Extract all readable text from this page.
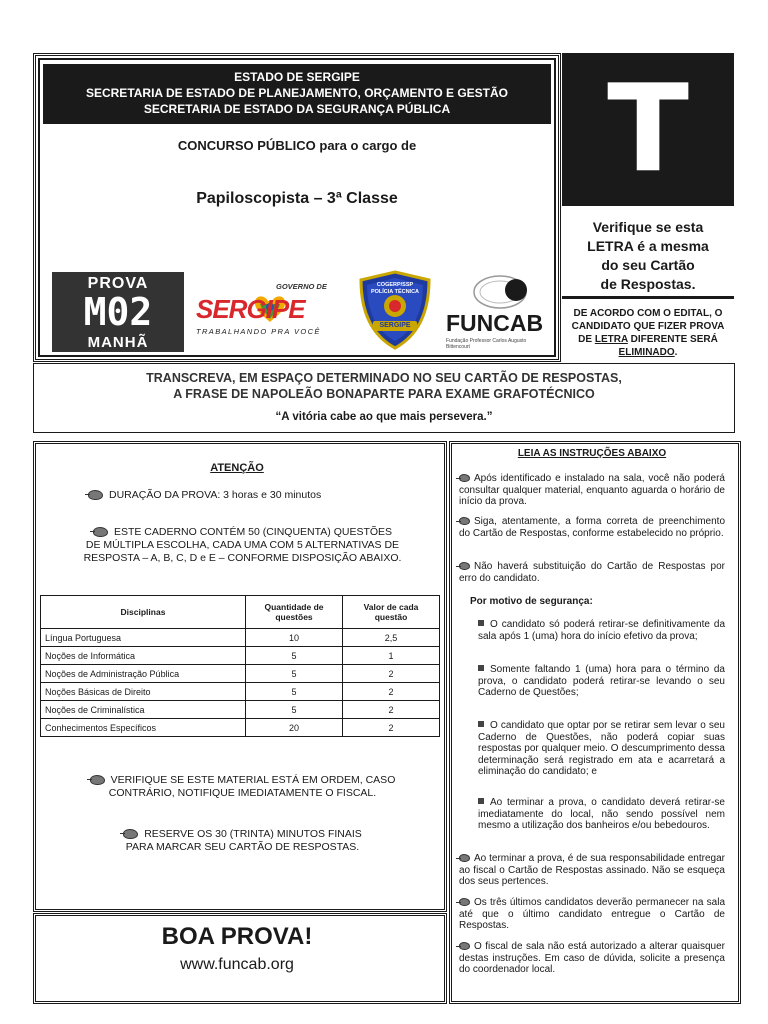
ESTADO DE SERGIPE
SECRETARIA DE ESTADO DE PLANEJAMENTO, ORÇAMENTO E GESTÃO
SECRETARIA DE ESTADO DA SEGURANÇA PÚBLICA
CONCURSO PÚBLICO para o cargo de
Papiloscopista – 3ª Classe
PROVA
M02
MANHÃ
GOVERNO DE
SERGIPE
TRABALHANDO PRA VOCÊ
COGERP/SSP
POLÍCIA TÉCNICA
SERGIPE	FUNCAB
Fundação Professor Carlos Augusto Bittencourt
T
Verifique se esta
LETRA é a mesma
do seu Cartão
de Respostas.
DE ACORDO COM O EDITAL, O
CANDIDATO QUE FIZER PROVA
DE LETRA DIFERENTE SERÁ
ELIMINADO.
TRANSCREVA, EM ESPAÇO DETERMINADO NO SEU CARTÃO DE RESPOSTAS,
A FRASE DE NAPOLEÃO BONAPARTE PARA EXAME GRAFOTÉCNICO
“A vitória cabe ao que mais persevera.”
ATENÇÃO
DURAÇÃO DA PROVA: 3 horas e 30 minutos
ESTE CADERNO CONTÉM 50 (CINQUENTA) QUESTÕES
DE MÚLTIPLA ESCOLHA, CADA UMA COM 5 ALTERNATIVAS DE
RESPOSTA – A, B, C, D e E – CONFORME DISPOSIÇÃO ABAIXO.
Disciplinas	Quantidade de questões	Valor de cada questão
Língua Portuguesa	10	2,5
Noções de Informática	5	1
Noções de Administração Pública	5	2
Noções Básicas de Direito	5	2
Noções de Criminalística	5	2
Conhecimentos Específicos	20	2
VERIFIQUE SE ESTE MATERIAL ESTÁ EM ORDEM, CASO
CONTRÁRIO, NOTIFIQUE IMEDIATAMENTE O FISCAL.
RESERVE OS 30 (TRINTA) MINUTOS FINAIS
PARA MARCAR SEU CARTÃO DE RESPOSTAS.
BOA PROVA!
www.funcab.org
LEIA AS INSTRUÇÕES ABAIXO
Após identificado e instalado na sala, você não poderá consultar qualquer material, enquanto aguarda o horário de início da prova.
Siga, atentamente, a forma correta de preenchimento do Cartão de Respostas, conforme estabelecido no próprio.
Não haverá substituição do Cartão de Respostas por erro do candidato.
Por motivo de segurança:
O candidato só poderá retirar-se definitivamente da sala após 1 (uma) hora do início efetivo da prova;
Somente faltando 1 (uma) hora para o término da prova, o candidato poderá retirar-se levando o seu Caderno de Questões;
O candidato que optar por se retirar sem levar o seu Caderno de Questões, não poderá copiar suas respostas por qualquer meio. O descumprimento dessa determinação será registrado em ata e acarretará a eliminação do candidato; e
Ao terminar a prova, o candidato deverá retirar-se imediatamente do local, não sendo possível nem mesmo a utilização dos banheiros e/ou bebedouros.
Ao terminar a prova, é de sua responsabilidade entregar ao fiscal o Cartão de Respostas assinado. Não se esqueça dos seus pertences.
Os três últimos candidatos deverão permanecer na sala até que o último candidato entregue o Cartão de Respostas.
O fiscal de sala não está autorizado a alterar quaisquer destas instruções. Em caso de dúvida, solicite a presença do coordenador local.
